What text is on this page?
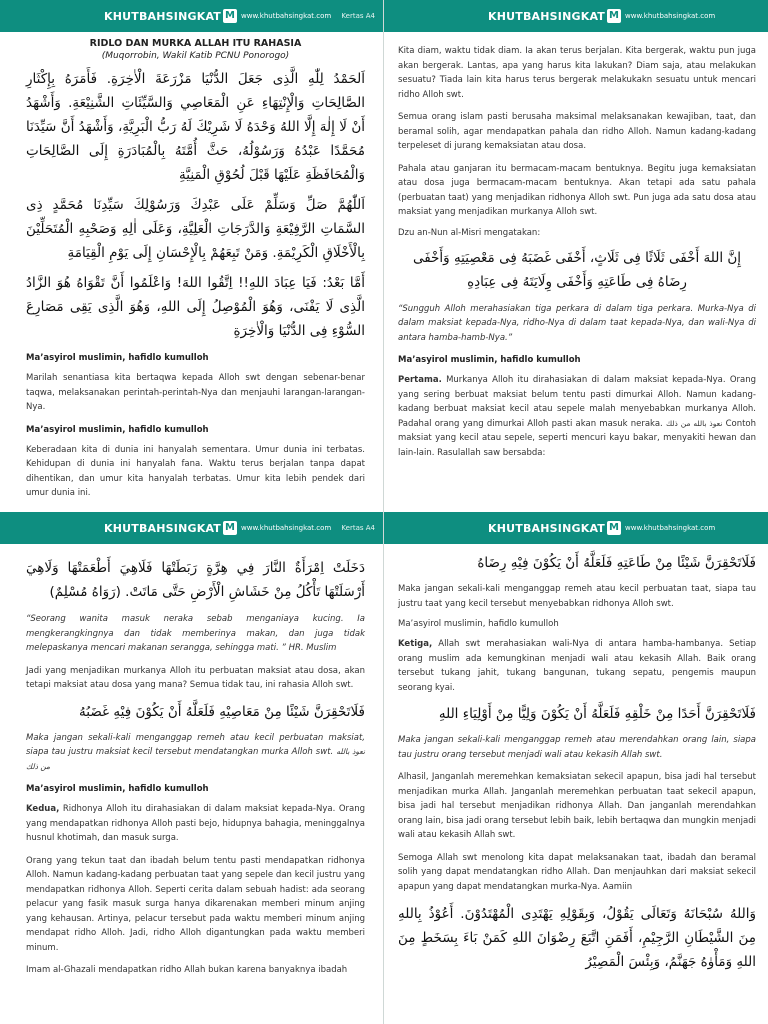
KHUTBAHSINGKAT M www.khutbahsingkat.com Kertas A4

RIDLO DAN MURKA ALLAH ITU RAHASIA

(Muqorrobin, Wakil Katib PCNU Ponorogo)

اَلحَمْدُ لِلّٰهِ الَّذِى جَعَلَ الدُّنْيَا مَزْرَعَةَ الْاٰخِرَةِ. فَأَمَرَهُ بِإِكْثَارِ الصَّالِحَاتِ وَالْإِنْتِهَاءِ عَنِ الْمَعَاصِي وَالسَّيِّئَاتِ الشَّنِيْعَةِ. وَأَشْهَدُ أَنْ لَا إِلٰهَ إِلَّا اللهُ وَحْدَهُ لَا شَرِيْكَ لَهُ رَبُّ الْبَرِيَّةِ، وَأَشْهَدُ أَنَّ سَيِّدَنَا مُحَمَّدًا عَبْدُهُ وَرَسُوْلُهُ، حَثَّ أُمَّتَهُ بِالْمُبَادَرَةِ إِلَى الصَّالِحَاتِ وَالْمُحَافَظَةِ عَلَيْهَا قَبْلَ لُحُوْقِ الْمَنِيَّةِ

اَللّٰهُمَّ صَلِّ وَسَلِّمْ عَلَى عَبْدِكَ وَرَسُوْلِكَ سَيِّدِنَا مُحَمَّدٍ ذِى السَّمَاتِ الرَّفِيْعَةِ وَالدَّرَجَاتِ الْعَلِيَّةِ، وَعَلَى اٰلِهِ وَصَحْبِهِ الْمُتَحَلِّيْنَ بِالْأَخْلَاقِ الْكَرِيْمَةِ. وَمَنْ تَبِعَهُمْ بِالْإِحْسَانِ إِلَى يَوْمِ الْقِيَامَةِ

أَمَّا بَعْدُ: فَيَا عِبَادَ اللهِ!! اِتَّقُوا اللهَ! وَاعْلَمُوا أَنَّ تَقْوَاهُ هُوَ الزَّادُ الَّذِى لَا يَفْنَى، وَهُوَ الْمُوْصِلُ إِلَى اللهِ، وَهُوَ الَّذِى يَقِى مَصَارِعَ السُّوْءِ فِى الدُّنْيَا وَالْاٰخِرَةِ

Ma’asyirol muslimin, hafidlo kumulloh

Marilah senantiasa kita bertaqwa kepada Alloh swt dengan sebenar-benar taqwa, melaksanakan perintah-perintah-Nya dan menjauhi larangan-larangan-Nya.

Ma’asyirol muslimin, hafidlo kumulloh

Keberadaan kita di dunia ini hanyalah sementara. Umur dunia ini terbatas. Kehidupan di dunia ini hanyalah fana. Waktu terus berjalan tanpa dapat dihentikan, dan umur kita hanyalah terbatas. Umur kita lebih pendek dari umur dunia ini.

KHUTBAHSINGKAT M www.khutbahsingkat.com

Kita diam, waktu tidak diam. Ia akan terus berjalan. Kita bergerak, waktu pun juga akan bergerak. Lantas, apa yang harus kita lakukan? Diam saja, atau melakukan sesuatu? Tiada lain kita harus terus bergerak melakukakn sesuatu untuk mencari ridho Alloh swt.

Semua orang islam pasti berusaha maksimal melaksanakan kewajiban, taat, dan beramal solih, agar mendapatkan pahala dan ridho Alloh. Namun kadang-kadang terpeleset di jurang kemaksiatan atau dosa.

Pahala atau ganjaran itu bermacam-macam bentuknya. Begitu juga kemaksiatan atau dosa juga bermacam-macam bentuknya. Akan tetapi ada satu pahala (perbuatan taat) yang menjadikan ridhonya Alloh swt. Pun juga ada satu dosa atau maksiat yang menjadikan murkanya Alloh swt.

Dzu an-Nun al-Misri mengatakan:

إِنَّ اللهَ أَخْفَى ثَلَاثًا فِى ثَلَاثٍ، أَخْفَى غَضَبَهُ فِى مَعْصِيَتِهِ وَأَخْفَى رِضَاهُ فِى طَاعَتِهِ وَأَخْفَى وِلَايَتَهُ فِى عِبَادِهِ

“Sungguh Alloh merahasiakan tiga perkara di dalam tiga perkara. Murka-Nya di dalam maksiat kepada-Nya, ridho-Nya di dalam taat kepada-Nya, dan wali-Nya di antara hamba-hamb-Nya.”

Ma’asyirol muslimin, hafidlo kumulloh

Pertama. Murkanya Alloh itu dirahasiakan di dalam maksiat kepada-Nya. Orang yang sering berbuat maksiat belum tentu pasti dimurkai Alloh. Namun kadang-kadang berbuat maksiat kecil atau sepele malah menyebabkan murkanya Alloh. Padahal orang yang dimurkai Alloh pasti akan masuk neraka. نعوذ بالله من ذلك Contoh maksiat yang kecil atau sepele, seperti mencuri kayu bakar, menyakiti hewan dan lain-lain. Rasulallah saw bersabda:

KHUTBAHSINGKAT M www.khutbahsingkat.com Kertas A4

دَخَلَتْ اِمْرَأَةٌ النَّارَ فِي هِرَّةٍ رَبَطَتْهَا فَلَاهِيَ أَطْعَمَتْهَا وَلَاهِيَ أَرْسَلَتْهَا تَأْكُلُ مِنْ خَشَاشِ الْأَرْضِ حَتَّى مَاتَتْ. (رَوَاهُ مُسْلِمٌ)

“Seorang wanita masuk neraka sebab menganiaya kucing. Ia mengkerangkingnya dan tidak memberinya makan, dan juga tidak melepaskanya mencari makanan serangga, sehingga mati. ” HR. Muslim

Jadi yang menjadikan murkanya Alloh itu perbuatan maksiat atau dosa, akan tetapi maksiat atau dosa yang mana? Semua tidak tau, ini rahasia Alloh swt.

فَلَاتَحْقِرَنَّ شَيْئًا مِنْ مَعَاصِيْهِ فَلَعَلَّهُ أَنْ يَكُوْنَ فِيْهِ غَضَبُهُ

Maka jangan sekali-kali menganggap remeh atau kecil perbuatan maksiat, siapa tau justru maksiat kecil tersebut mendatangkan murka Alloh swt. نعوذ بالله من ذلك

Ma’asyirol muslimin, hafidlo kumulloh

Kedua, Ridhonya Alloh itu dirahasiakan di dalam maksiat kepada-Nya. Orang yang mendapatkan ridhonya Alloh pasti bejo, hidupnya bahagia, meninggalnya husnul khotimah, dan masuk surga.

Orang yang tekun taat dan ibadah belum tentu pasti mendapatkan ridhonya Alloh. Namun kadang-kadang perbuatan taat yang sepele dan kecil justru yang mendapatkan ridhonya Alloh. Seperti cerita dalam sebuah hadist: ada seorang pelacur yang fasik masuk surga hanya dikarenakan memberi minum anjing yang kehausan. Artinya, pelacur tersebut pada waktu memberi minum anjing mendapat ridho Alloh. Jadi, ridho Alloh digantungkan pada waktu memberi minum.

Imam al-Ghazali mendapatkan ridho Allah bukan karena banyaknya ibadah

KHUTBAHSINGKAT M www.khutbahsingkat.com

فَلَاتَحْقِرَنَّ شَيْئًا مِنْ طَاعَتِهِ فَلَعَلَّهُ أَنْ يَكُوْنَ فِيْهِ رِضَاهُ

Maka jangan sekali-kali menganggap remeh atau kecil perbuatan taat, siapa tau justru taat yang kecil tersebut menyebabkan ridhonya Alloh swt.

Ma’asyirol muslimin, hafidlo kumulloh

Ketiga, Allah swt merahasiakan wali-Nya di antara hamba-hambanya. Setiap orang muslim ada kemungkinan menjadi wali atau kekasih Allah. Baik orang tersebut tukang jahit, tukang bangunan, tukang sepatu, pengemis maupun seorang kyai.

فَلَاتَحْقِرَنَّ أَحَدًا مِنْ خَلْقِهِ فَلَعَلَّهُ أَنْ يَكُوْنَ وَلِيًّا مِنْ أَوْلِيَاءِ اللهِ

Maka jangan sekali-kali menganggap remeh atau merendahkan orang lain, siapa tau justru orang tersebut menjadi wali atau kekasih Allah swt.

Alhasil, Janganlah meremehkan kemaksiatan sekecil apapun, bisa jadi hal tersebut menjadikan murka Allah. Janganlah meremehkan perbuatan taat sekecil apapun, bisa jadi hal tersebut menjadikan ridhonya Allah. Dan janganlah merendahkan orang lain, bisa jadi orang tersebut lebih baik, lebih bertaqwa dan mungkin menjadi wali atau kekasih Allah swt.

Semoga Allah swt menolong kita dapat melaksanakan taat, ibadah dan beramal solih yang dapat mendatangkan ridho Allah. Dan menjauhkan dari maksiat sekecil apapun yang dapat mendatangkan murka-Nya. Aamiin

وَاللهُ سُبْحَانَهُ وَتَعَالَى يَقُوْلُ، وَبِقَوْلِهِ يَهْتَدِى الْمُهْتَدُوْنَ. أَعُوْذُ بِاللهِ مِنَ الشَّيْطَانِ الرَّجِيْمِ، أَفَمَنِ اتَّبَعَ رِضْوَانَ اللهِ كَمَنْ بَاءَ بِسَخَطٍ مِنَ اللهِ وَمَأْوٰهُ جَهَنَّمُ، وَبِئْسَ الْمَصِيْرُ
